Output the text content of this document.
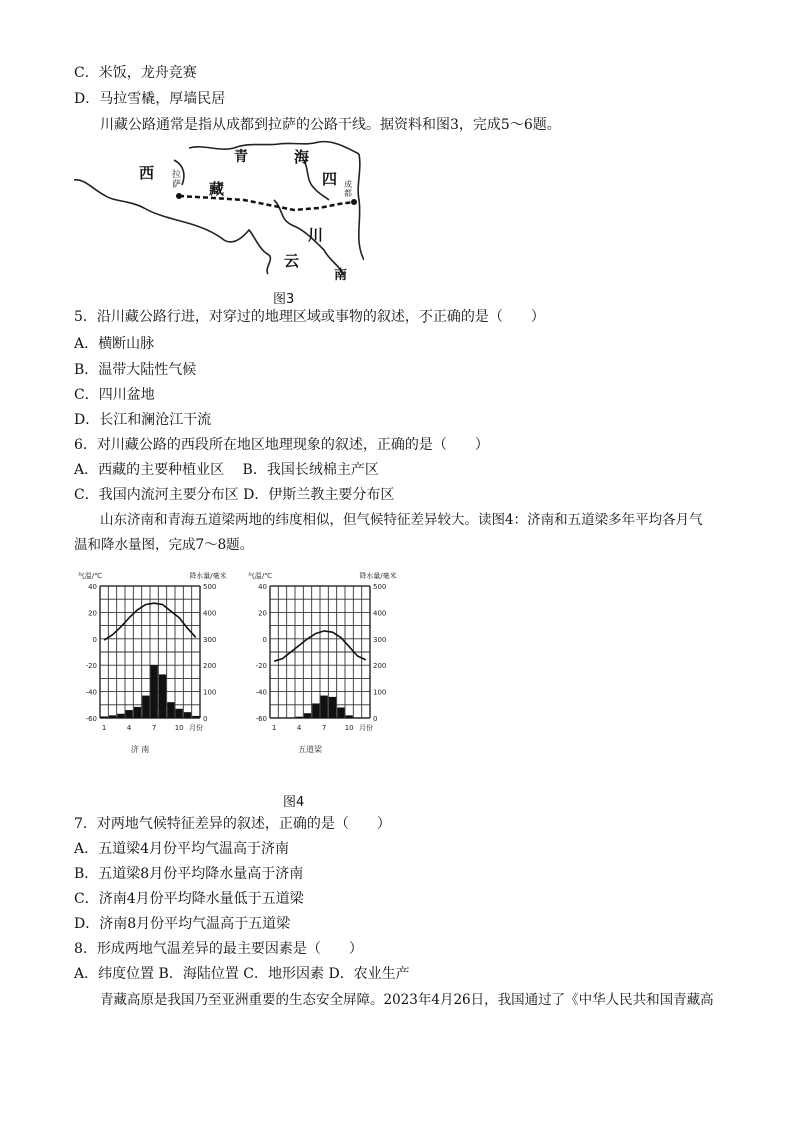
C．米饭，龙舟竞赛
D．马拉雪橇，厚墙民居
川藏公路通常是指从成都到拉萨的公路干线。据资料和图3，完成5～6题。
西
藏
青	海
四
川
云
南
拉萨	成都
图3
5．沿川藏公路行进，对穿过的地理区域或事物的叙述，不正确的是（　　）
A．横断山脉
B．温带大陆性气候
C．四川盆地
D．长江和澜沧江干流
6．对川藏公路的西段所在地区地理现象的叙述，正确的是（　　）
A．西藏的主要种植业区　 B．我国长绒棉主产区
C．我国内流河主要分布区 D．伊斯兰教主要分布区
山东济南和青海五道梁两地的纬度相似，但气候特征差异较大。读图4：济南和五道梁多年平均各月气
温和降水量图，完成7～8题。
40
20
0
-20
-40
-60
500
400
300
200
100
0
气温/℃	降水量/毫米
1	4	7	10 月份
济 南
40
20
0
-20
-40
-60
500
400
300
200
100
0
气温/℃	降水量/毫米
1	4	7	10 月份
五道梁
图4
7．对两地气候特征差异的叙述，正确的是（　　）
A．五道梁4月份平均气温高于济南
B．五道梁8月份平均降水量高于济南
C．济南4月份平均降水量低于五道梁
D．济南8月份平均气温高于五道梁
8．形成两地气温差异的最主要因素是（　　）
A．纬度位置 B．海陆位置 C．地形因素 D．农业生产
青藏高原是我国乃至亚洲重要的生态安全屏障。2023年4月26日，我国通过了《中华人民共和国青藏高
